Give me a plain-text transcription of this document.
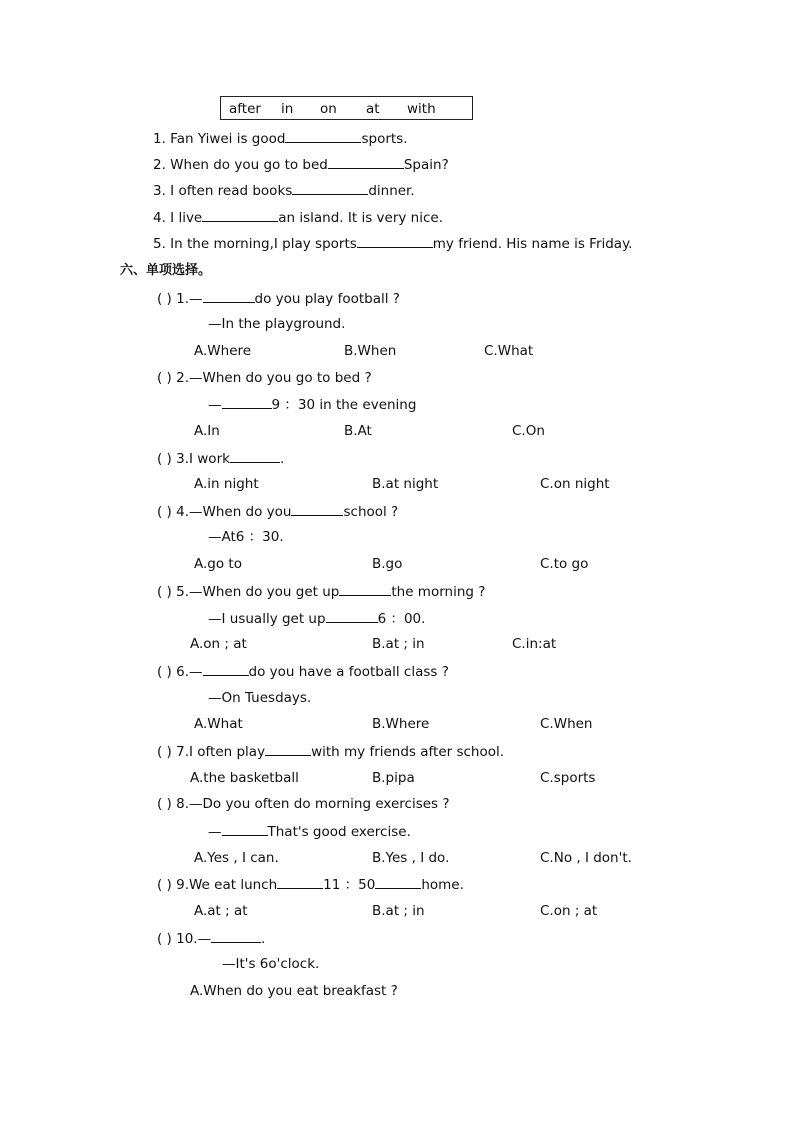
after in on at with
1. Fan Yiwei is good	sports.
2. When do you go to bed	Spain?
3. I often read books	dinner.
4. I live	an island. It is very nice.
5. In the morning,I play sports	my friend. His name is Friday.
六、单项选择。
( ) 1.—	do you play football ?
—In the playground.
A.Where	B.When	C.What
( ) 2.—When do you go to bed ?
—	9 ：30 in the evening
A.In	B.At	C.On
( ) 3.I work	.
A.in night	B.at night	C.on night
( ) 4.—When do you	school ?
—At6 ：30.
A.go to	B.go	C.to go
( ) 5.—When do you get up	the morning ?
—I usually get up	6 ：00.
A.on ; at	B.at ; in	C.in:at
( ) 6.—	do you have a football class ?
—On Tuesdays.
A.What	B.Where	C.When
( ) 7.I often play	with my friends after school.
A.the basketball	B.pipa	C.sports
( ) 8.—Do you often do morning exercises ?
—	That's good exercise.
A.Yes , I can.	B.Yes , I do.	C.No , I don't.
( ) 9.We eat lunch	11 ：50	home.
A.at ; at	B.at ; in	C.on ; at
( ) 10.—	.
—It's 6o'clock.
A.When do you eat breakfast ?
